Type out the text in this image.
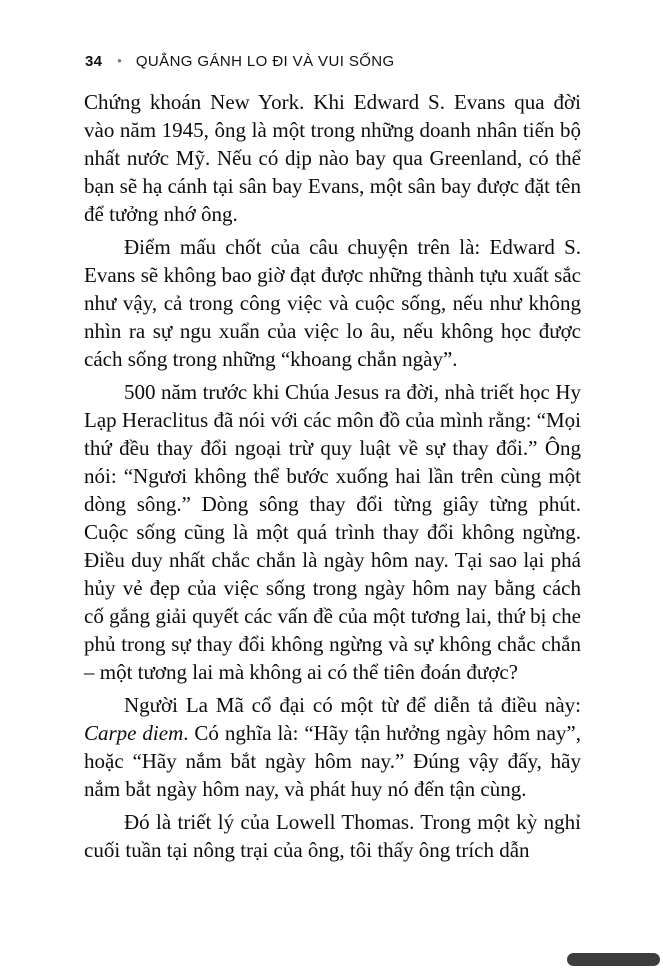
34 • QUẲNG GÁNH LO ĐI VÀ VUI SỐNG

Chứng khoán New York. Khi Edward S. Evans qua đời vào năm 1945, ông là một trong những doanh nhân tiến bộ nhất nước Mỹ. Nếu có dịp nào bay qua Greenland, có thể bạn sẽ hạ cánh tại sân bay Evans, một sân bay được đặt tên để tưởng nhớ ông.

Điểm mấu chốt của câu chuyện trên là: Edward S. Evans sẽ không bao giờ đạt được những thành tựu xuất sắc như vậy, cả trong công việc và cuộc sống, nếu như không nhìn ra sự ngu xuẩn của việc lo âu, nếu không học được cách sống trong những “khoang chắn ngày”.

500 năm trước khi Chúa Jesus ra đời, nhà triết học Hy Lạp Heraclitus đã nói với các môn đồ của mình rằng: “Mọi thứ đều thay đổi ngoại trừ quy luật về sự thay đổi.” Ông nói: “Ngươi không thể bước xuống hai lần trên cùng một dòng sông.” Dòng sông thay đổi từng giây từng phút. Cuộc sống cũng là một quá trình thay đổi không ngừng. Điều duy nhất chắc chắn là ngày hôm nay. Tại sao lại phá hủy vẻ đẹp của việc sống trong ngày hôm nay bằng cách cố gắng giải quyết các vấn đề của một tương lai, thứ bị che phủ trong sự thay đổi không ngừng và sự không chắc chắn – một tương lai mà không ai có thể tiên đoán được?

Người La Mã cổ đại có một từ để diễn tả điều này: Carpe diem. Có nghĩa là: “Hãy tận hưởng ngày hôm nay”, hoặc “Hãy nắm bắt ngày hôm nay.” Đúng vậy đấy, hãy nắm bắt ngày hôm nay, và phát huy nó đến tận cùng.

Đó là triết lý của Lowell Thomas. Trong một kỳ nghỉ cuối tuần tại nông trại của ông, tôi thấy ông trích dẫn
